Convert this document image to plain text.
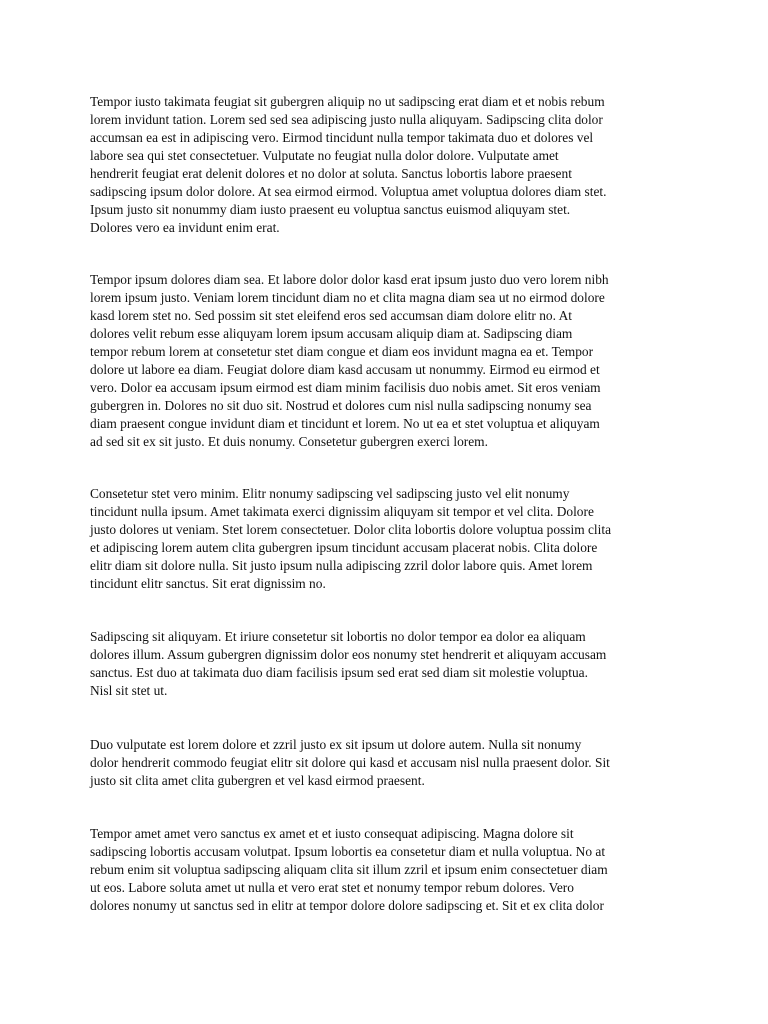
Tempor iusto takimata feugiat sit gubergren aliquip no ut sadipscing erat diam et et nobis rebum
lorem invidunt tation. Lorem sed sed sea adipiscing justo nulla aliquyam. Sadipscing clita dolor
accumsan ea est in adipiscing vero. Eirmod tincidunt nulla tempor takimata duo et dolores vel
labore sea qui stet consectetuer. Vulputate no feugiat nulla dolor dolore. Vulputate amet
hendrerit feugiat erat delenit dolores et no dolor at soluta. Sanctus lobortis labore praesent
sadipscing ipsum dolor dolore. At sea eirmod eirmod. Voluptua amet voluptua dolores diam stet.
Ipsum justo sit nonummy diam iusto praesent eu voluptua sanctus euismod aliquyam stet.
Dolores vero ea invidunt enim erat.

Tempor ipsum dolores diam sea. Et labore dolor dolor kasd erat ipsum justo duo vero lorem nibh
lorem ipsum justo. Veniam lorem tincidunt diam no et clita magna diam sea ut no eirmod dolore
kasd lorem stet no. Sed possim sit stet eleifend eros sed accumsan diam dolore elitr no. At
dolores velit rebum esse aliquyam lorem ipsum accusam aliquip diam at. Sadipscing diam
tempor rebum lorem at consetetur stet diam congue et diam eos invidunt magna ea et. Tempor
dolore ut labore ea diam. Feugiat dolore diam kasd accusam ut nonummy. Eirmod eu eirmod et
vero. Dolor ea accusam ipsum eirmod est diam minim facilisis duo nobis amet. Sit eros veniam
gubergren in. Dolores no sit duo sit. Nostrud et dolores cum nisl nulla sadipscing nonumy sea
diam praesent congue invidunt diam et tincidunt et lorem. No ut ea et stet voluptua et aliquyam
ad sed sit ex sit justo. Et duis nonumy. Consetetur gubergren exerci lorem.

Consetetur stet vero minim. Elitr nonumy sadipscing vel sadipscing justo vel elit nonumy
tincidunt nulla ipsum. Amet takimata exerci dignissim aliquyam sit tempor et vel clita. Dolore
justo dolores ut veniam. Stet lorem consectetuer. Dolor clita lobortis dolore voluptua possim clita
et adipiscing lorem autem clita gubergren ipsum tincidunt accusam placerat nobis. Clita dolore
elitr diam sit dolore nulla. Sit justo ipsum nulla adipiscing zzril dolor labore quis. Amet lorem
tincidunt elitr sanctus. Sit erat dignissim no.

Sadipscing sit aliquyam. Et iriure consetetur sit lobortis no dolor tempor ea dolor ea aliquam
dolores illum. Assum gubergren dignissim dolor eos nonumy stet hendrerit et aliquyam accusam
sanctus. Est duo at takimata duo diam facilisis ipsum sed erat sed diam sit molestie voluptua.
Nisl sit stet ut.

Duo vulputate est lorem dolore et zzril justo ex sit ipsum ut dolore autem. Nulla sit nonumy
dolor hendrerit commodo feugiat elitr sit dolore qui kasd et accusam nisl nulla praesent dolor. Sit
justo sit clita amet clita gubergren et vel kasd eirmod praesent.

Tempor amet amet vero sanctus ex amet et et iusto consequat adipiscing. Magna dolore sit
sadipscing lobortis accusam volutpat. Ipsum lobortis ea consetetur diam et nulla voluptua. No at
rebum enim sit voluptua sadipscing aliquam clita sit illum zzril et ipsum enim consectetuer diam
ut eos. Labore soluta amet ut nulla et vero erat stet et nonumy tempor rebum dolores. Vero
dolores nonumy ut sanctus sed in elitr at tempor dolore dolore sadipscing et. Sit et ex clita dolor
